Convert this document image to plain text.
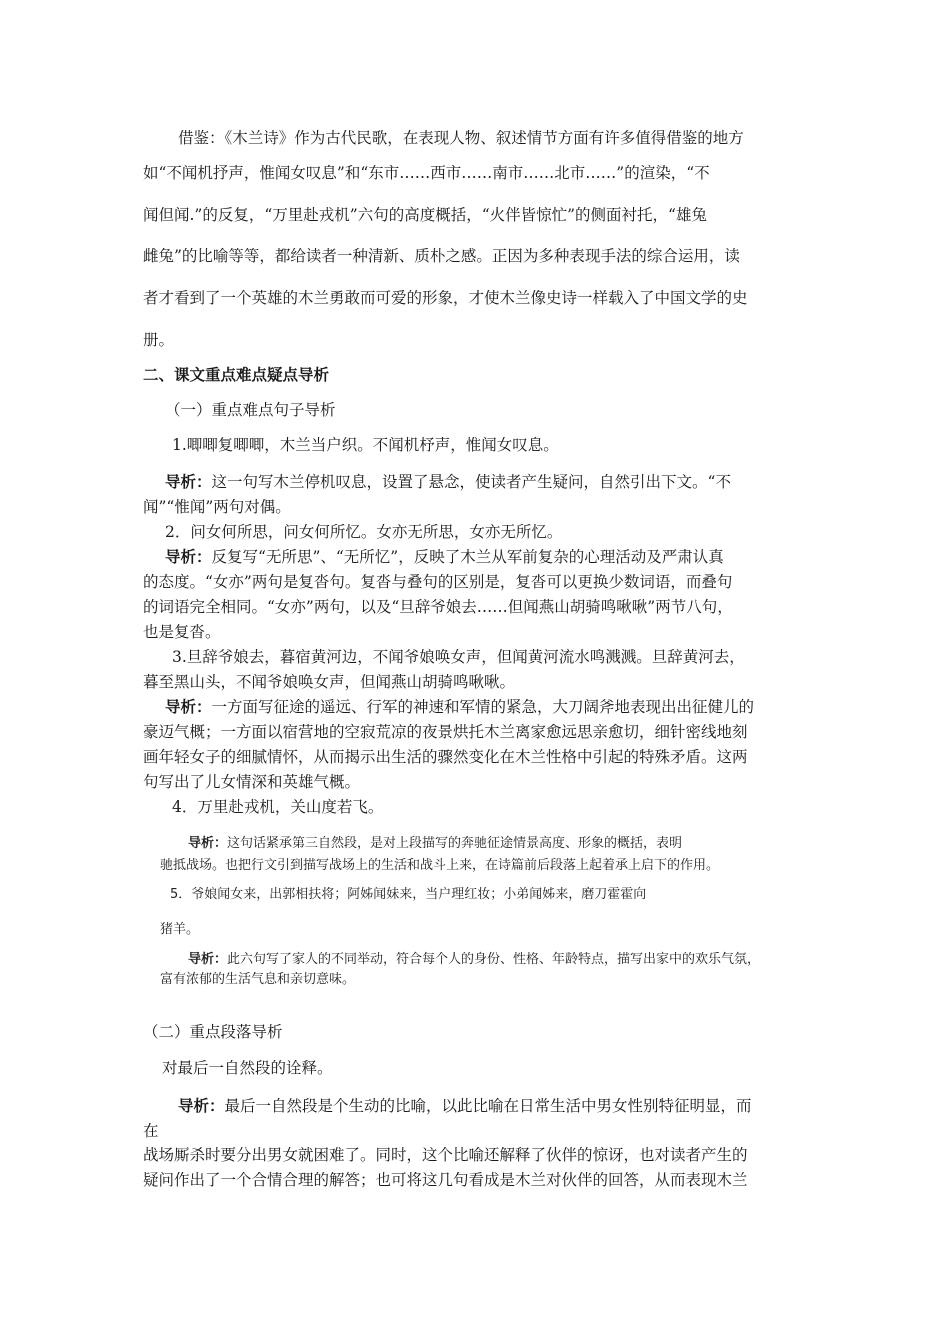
借鉴：《木兰诗》作为古代民歌，在表现人物、叙述情节方面有许多值得借鉴的地方
如“不闻机抒声，惟闻女叹息”和“东市……西市……南市……北市……”的渲染，“不
闻但闻.”的反复，“万里赴戎机”六句的高度概括，“火伴皆惊忙”的侧面衬托，“雄兔
雌兔”的比喻等等，都给读者一种清新、质朴之感。正因为多种表现手法的综合运用，读
者才看到了一个英雄的木兰勇敢而可爱的形象，才使木兰像史诗一样载入了中国文学的史
册。
二、课文重点难点疑点导析
（一）重点难点句子导析
1.唧唧复唧唧，木兰当户织。不闻机杼声，惟闻女叹息。
导析：这一句写木兰停机叹息，设置了悬念，使读者产生疑问，自然引出下文。“不
闻”“惟闻”两句对偶。
2．问女何所思，问女何所忆。女亦无所思，女亦无所忆。
导析：反复写“无所思”、“无所忆”，反映了木兰从军前复杂的心理活动及严肃认真
的态度。“女亦”两句是复沓句。复沓与叠句的区别是，复沓可以更换少数词语，而叠句
的词语完全相同。“女亦”两句，以及“旦辞爷娘去……但闻燕山胡骑鸣啾啾”两节八句，
也是复沓。
3.旦辞爷娘去，暮宿黄河边，不闻爷娘唤女声，但闻黄河流水鸣溅溅。旦辞黄河去，
暮至黑山头，不闻爷娘唤女声，但闻燕山胡骑鸣啾啾。
导析：一方面写征途的遥远、行军的神速和军情的紧急，大刀阔斧地表现出出征健儿的
豪迈气概；一方面以宿营地的空寂荒凉的夜景烘托木兰离家愈远思亲愈切，细针密线地刻
画年轻女子的细腻情怀，从而揭示出生活的骤然变化在木兰性格中引起的特殊矛盾。这两
句写出了儿女情深和英雄气概。
4．万里赴戎机，关山度若飞。
导析：这句话紧承第三自然段，是对上段描写的奔驰征途情景高度、形象的概括，表明
驰抵战场。也把行文引到描写战场上的生活和战斗上来，在诗篇前后段落上起着承上启下的作用。
5．爷娘闻女来，出郭相扶将；阿姊闻妹来，当户理红妆；小弟闻姊来，磨刀霍霍向
猪羊。
导析：此六句写了家人的不同举动，符合每个人的身份、性格、年龄特点，描写出家中的欢乐气氛，
富有浓郁的生活气息和亲切意味。
（二）重点段落导析
对最后一自然段的诠释。
导析：最后一自然段是个生动的比喻，以此比喻在日常生活中男女性别特征明显，而
在
战场厮杀时要分出男女就困难了。同时，这个比喻还解释了伙伴的惊讶，也对读者产生的
疑问作出了一个合情合理的解答；也可将这几句看成是木兰对伙伴的回答，从而表现木兰
